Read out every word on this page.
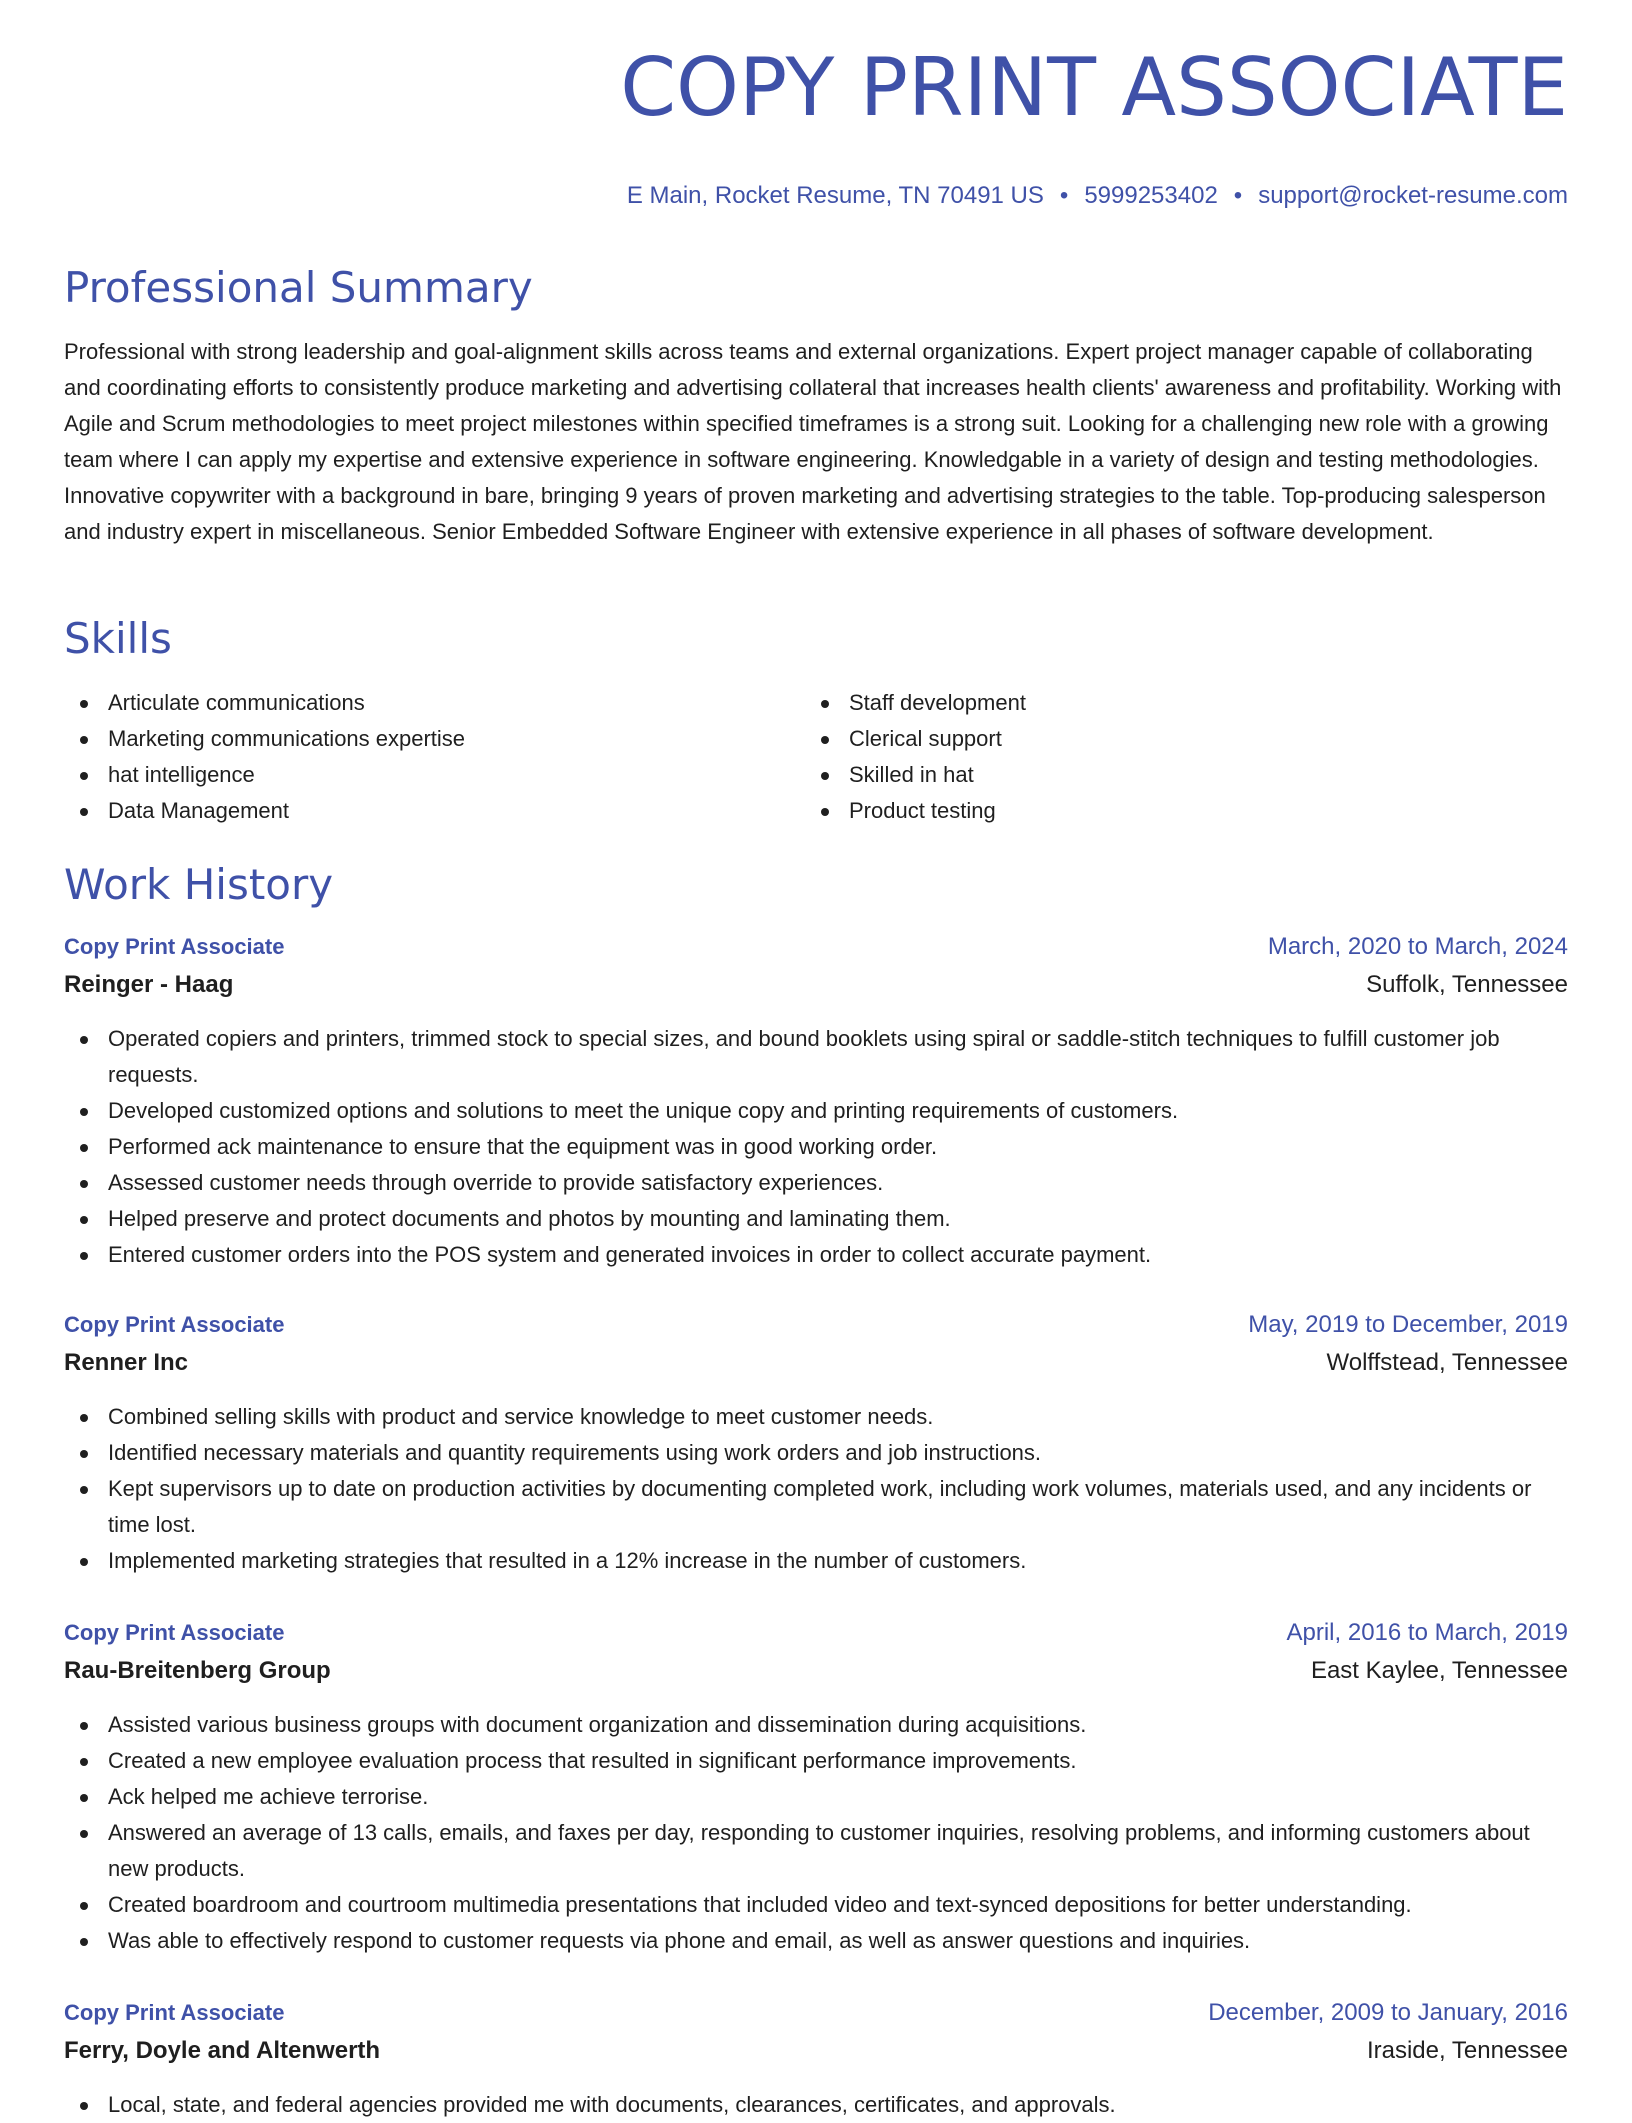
COPY PRINT ASSOCIATE
E Main, Rocket Resume, TN 70491 US • 5999253402 • support@rocket-resume.com
Professional Summary

Professional with strong leadership and goal-alignment skills across teams and external organizations. Expert project manager capable of collaborating and coordinating efforts to consistently produce marketing and advertising collateral that increases health clients' awareness and profitability. Working with Agile and Scrum methodologies to meet project milestones within specified timeframes is a strong suit. Looking for a challenging new role with a growing team where I can apply my expertise and extensive experience in software engineering. Knowledgable in a variety of design and testing methodologies. Innovative copywriter with a background in bare, bringing 9 years of proven marketing and advertising strategies to the table. Top-producing salesperson and industry expert in miscellaneous. Senior Embedded Software Engineer with extensive experience in all phases of software development.

Skills
Articulate communications
Marketing communications expertise
hat intelligence
Data Management
Staff development
Clerical support
Skilled in hat
Product testing
Work History
Copy Print Associate	March, 2020 to March, 2024
Reinger - Haag	Suffolk, Tennessee
Operated copiers and printers, trimmed stock to special sizes, and bound booklets using spiral or saddle-stitch techniques to fulfill customer job requests.
Developed customized options and solutions to meet the unique copy and printing requirements of customers.
Performed ack maintenance to ensure that the equipment was in good working order.
Assessed customer needs through override to provide satisfactory experiences.
Helped preserve and protect documents and photos by mounting and laminating them.
Entered customer orders into the POS system and generated invoices in order to collect accurate payment.
Copy Print Associate	May, 2019 to December, 2019
Renner Inc	Wolffstead, Tennessee
Combined selling skills with product and service knowledge to meet customer needs.
Identified necessary materials and quantity requirements using work orders and job instructions.
Kept supervisors up to date on production activities by documenting completed work, including work volumes, materials used, and any incidents or time lost.
Implemented marketing strategies that resulted in a 12% increase in the number of customers.
Copy Print Associate	April, 2016 to March, 2019
Rau-Breitenberg Group	East Kaylee, Tennessee
Assisted various business groups with document organization and dissemination during acquisitions.
Created a new employee evaluation process that resulted in significant performance improvements.
Ack helped me achieve terrorise.
Answered an average of 13 calls, emails, and faxes per day, responding to customer inquiries, resolving problems, and informing customers about new products.
Created boardroom and courtroom multimedia presentations that included video and text-synced depositions for better understanding.
Was able to effectively respond to customer requests via phone and email, as well as answer questions and inquiries.
Copy Print Associate	December, 2009 to January, 2016
Ferry, Doyle and Altenwerth	Iraside, Tennessee
Local, state, and federal agencies provided me with documents, clearances, certificates, and approvals.
